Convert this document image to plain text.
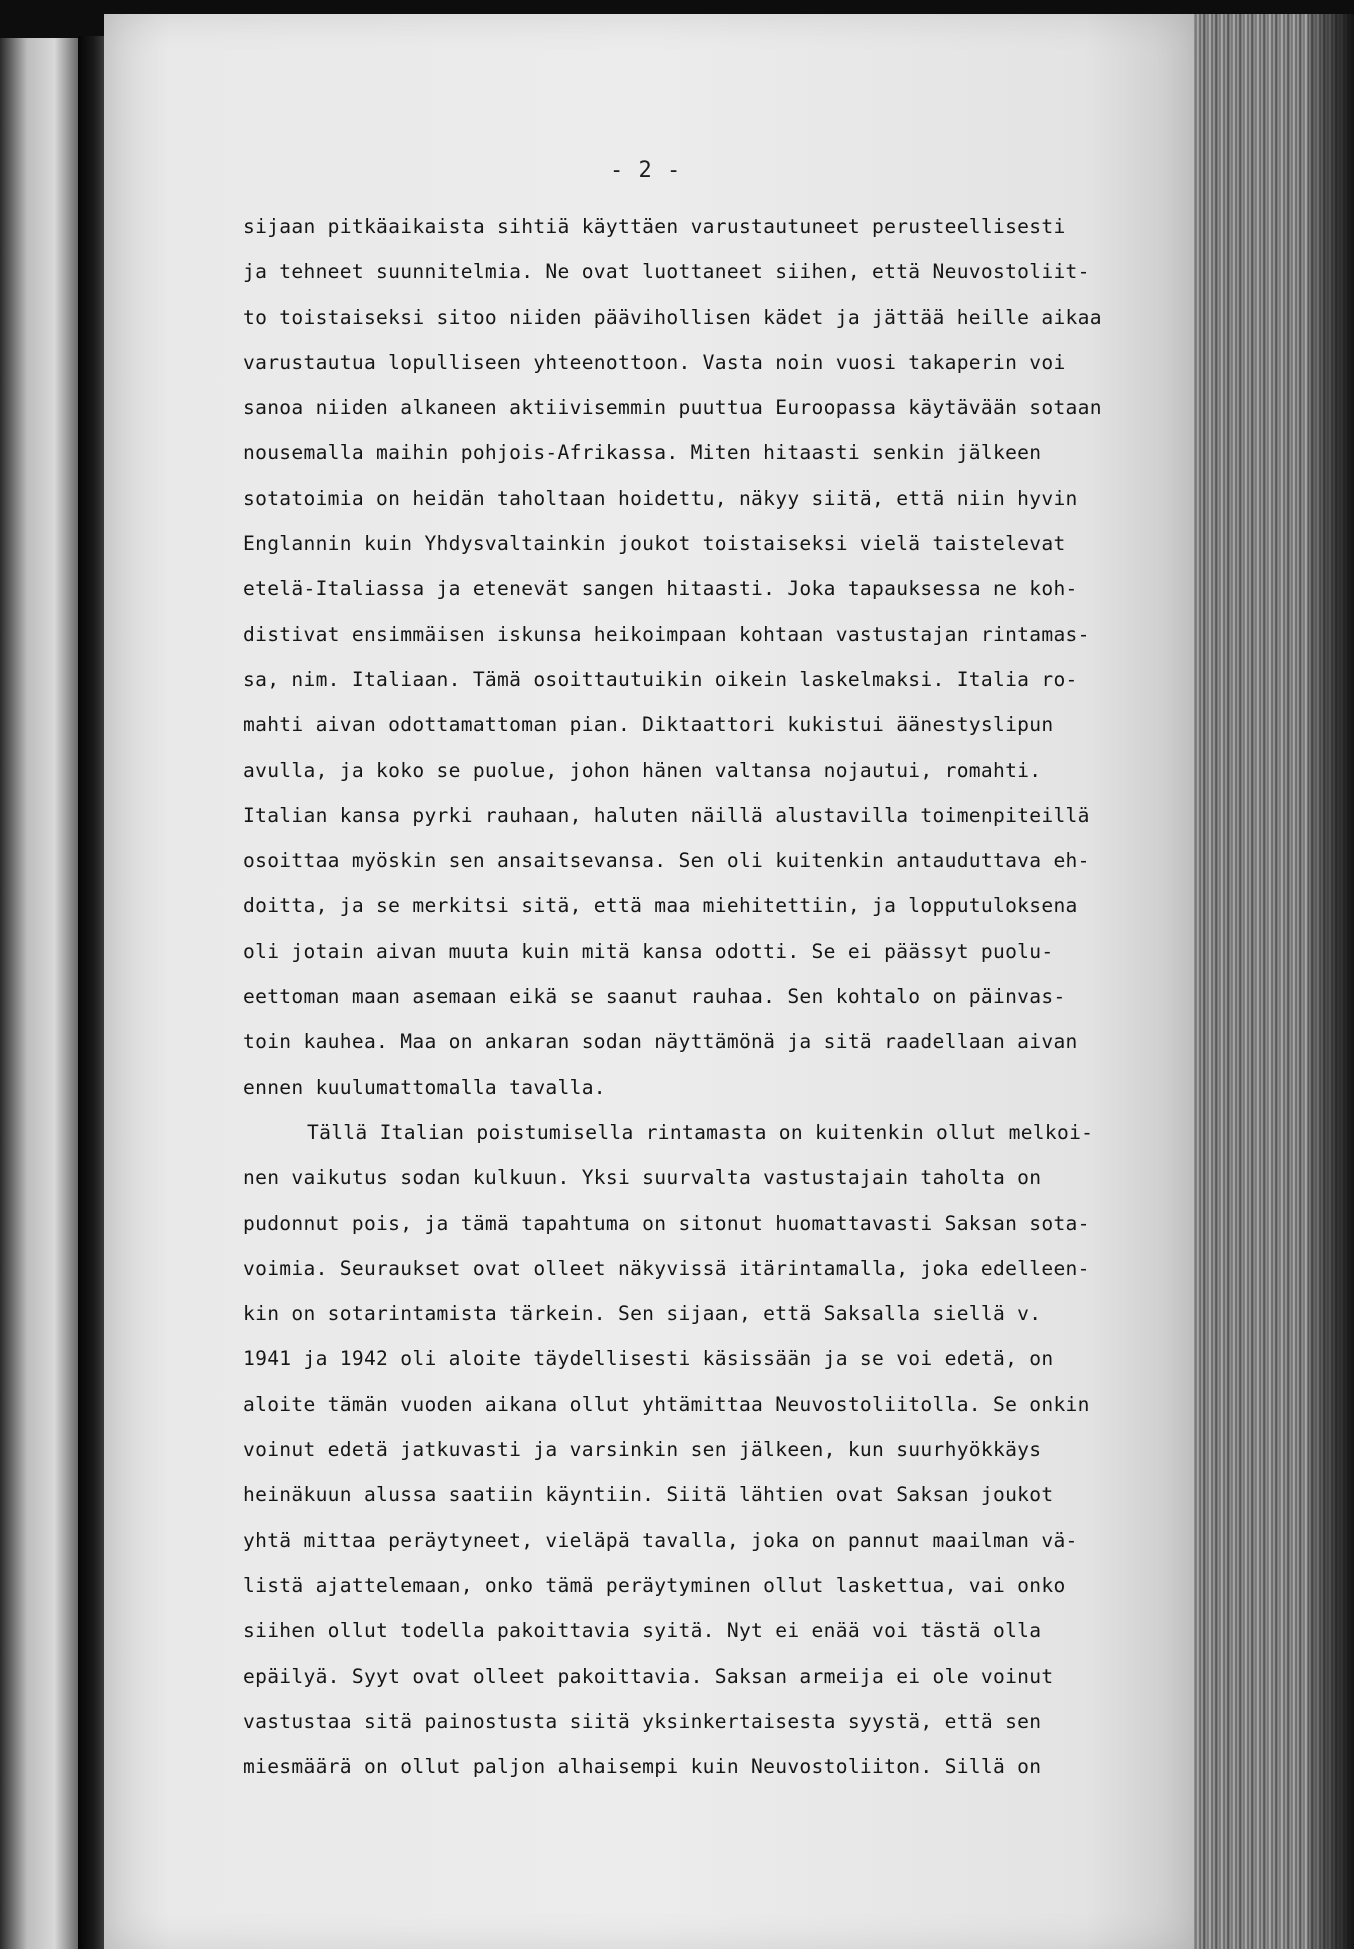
- 2 -
sijaan pitkäaikaista sihtiä käyttäen varustautuneet perusteellisesti
ja tehneet suunnitelmia. Ne ovat luottaneet siihen, että Neuvostoliit-
to toistaiseksi sitoo niiden päävihollisen kädet ja jättää heille aikaa
varustautua lopulliseen yhteenottoon. Vasta noin vuosi takaperin voi
sanoa niiden alkaneen aktiivisemmin puuttua Euroopassa käytävään sotaan
nousemalla maihin pohjois-Afrikassa. Miten hitaasti senkin jälkeen
sotatoimia on heidän taholtaan hoidettu, näkyy siitä, että niin hyvin
Englannin kuin Yhdysvaltainkin joukot toistaiseksi vielä taistelevat
etelä-Italiassa ja etenevät sangen hitaasti. Joka tapauksessa ne koh-
distivat ensimmäisen iskunsa heikoimpaan kohtaan vastustajan rintamas-
sa, nim. Italiaan. Tämä osoittautuikin oikein laskelmaksi. Italia ro-
mahti aivan odottamattoman pian. Diktaattori kukistui äänestyslipun
avulla, ja koko se puolue, johon hänen valtansa nojautui, romahti.
Italian kansa pyrki rauhaan, haluten näillä alustavilla toimenpiteillä
osoittaa myöskin sen ansaitsevansa. Sen oli kuitenkin antauduttava eh-
doitta, ja se merkitsi sitä, että maa miehitettiin, ja lopputuloksena
oli jotain aivan muuta kuin mitä kansa odotti. Se ei päässyt puolu-
eettoman maan asemaan eikä se saanut rauhaa. Sen kohtalo on päinvas-
toin kauhea. Maa on ankaran sodan näyttämönä ja sitä raadellaan aivan
ennen kuulumattomalla tavalla.
Tällä Italian poistumisella rintamasta on kuitenkin ollut melkoi-
nen vaikutus sodan kulkuun. Yksi suurvalta vastustajain taholta on
pudonnut pois, ja tämä tapahtuma on sitonut huomattavasti Saksan sota-
voimia. Seuraukset ovat olleet näkyvissä itärintamalla, joka edelleen-
kin on sotarintamista tärkein. Sen sijaan, että Saksalla siellä v.
1941 ja 1942 oli aloite täydellisesti käsissään ja se voi edetä, on
aloite tämän vuoden aikana ollut yhtämittaa Neuvostoliitolla. Se onkin
voinut edetä jatkuvasti ja varsinkin sen jälkeen, kun suurhyökkäys
heinäkuun alussa saatiin käyntiin. Siitä lähtien ovat Saksan joukot
yhtä mittaa peräytyneet, vieläpä tavalla, joka on pannut maailman vä-
listä ajattelemaan, onko tämä peräytyminen ollut laskettua, vai onko
siihen ollut todella pakoittavia syitä. Nyt ei enää voi tästä olla
epäilyä. Syyt ovat olleet pakoittavia. Saksan armeija ei ole voinut
vastustaa sitä painostusta siitä yksinkertaisesta syystä, että sen
miesmäärä on ollut paljon alhaisempi kuin Neuvostoliiton. Sillä on
